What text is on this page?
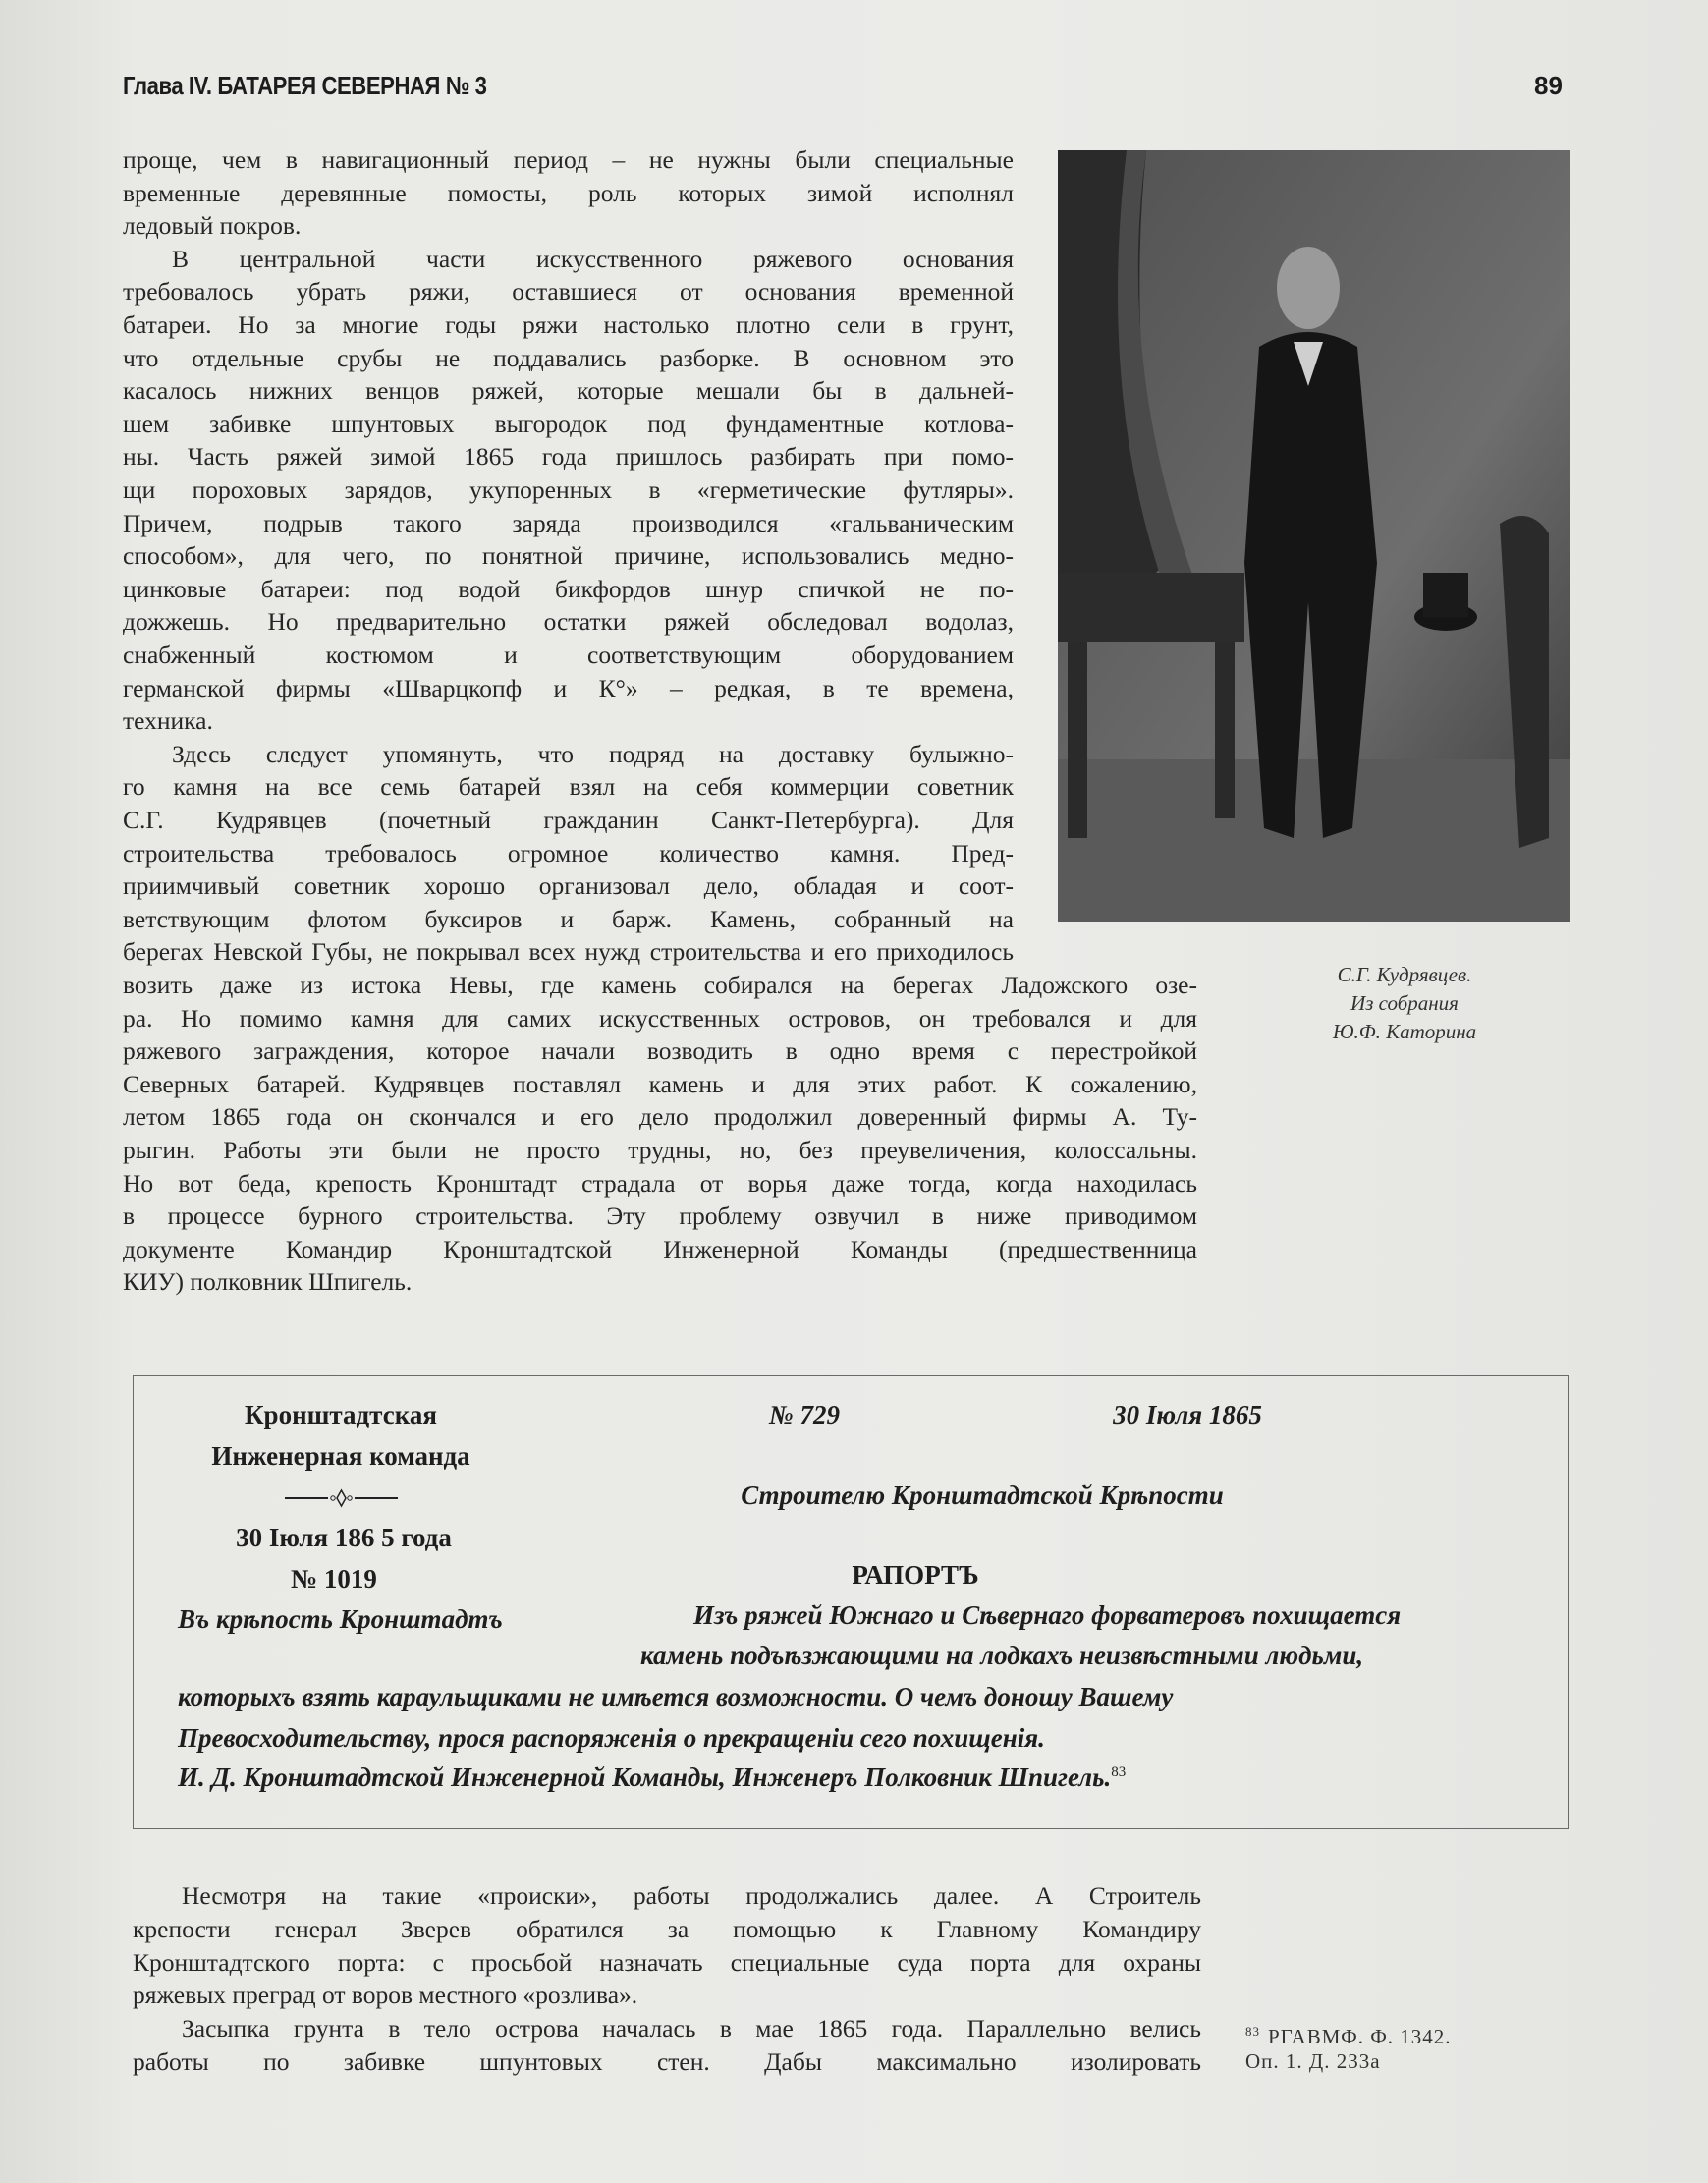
Глава IV. БАТАРЕЯ СЕВЕРНАЯ № 3	89
проще, чем в навигационный период – не нужны были специальные
временные деревянные помосты, роль которых зимой исполнял
ледовый покров.
В центральной части искусственного ряжевого основания
требовалось убрать ряжи, оставшиеся от основания временной
батареи. Но за многие годы ряжи настолько плотно сели в грунт,
что отдельные срубы не поддавались разборке. В основном это
касалось нижних венцов ряжей, которые мешали бы в дальней-
шем забивке шпунтовых выгородок под фундаментные котлова-
ны. Часть ряжей зимой 1865 года пришлось разбирать при помо-
щи пороховых зарядов, укупоренных в «герметические футляры».
Причем, подрыв такого заряда производился «гальваническим
способом», для чего, по понятной причине, использовались медно-
цинковые батареи: под водой бикфордов шнур спичкой не по-
дожжешь. Но предварительно остатки ряжей обследовал водолаз,
снабженный костюмом и соответствующим оборудованием
германской фирмы «Шварцкопф и К°» – редкая, в те времена,
техника.
Здесь следует упомянуть, что подряд на доставку булыжно-
го камня на все семь батарей взял на себя коммерции советник
С.Г. Кудрявцев (почетный гражданин Санкт-Петербурга). Для
строительства требовалось огромное количество камня. Пред-
приимчивый советник хорошо организовал дело, обладая и соот-
ветствующим флотом буксиров и барж. Камень, собранный на
берегах Невской Губы, не покрывал всех нужд строительства и его приходилось
возить даже из истока Невы, где камень собирался на берегах Ладожского озе-
ра. Но помимо камня для самих искусственных островов, он требовался и для
ряжевого заграждения, которое начали возводить в одно время с перестройкой
Северных батарей. Кудрявцев поставлял камень и для этих работ. К сожалению,
летом 1865 года он скончался и его дело продолжил доверенный фирмы А. Ту-
рыгин. Работы эти были не просто трудны, но, без преувеличения, колоссальны.
Но вот беда, крепость Кронштадт страдала от ворья даже тогда, когда находилась
в процессе бурного строительства. Эту проблему озвучил в ниже приводимом
документе Командир Кронштадтской Инженерной Команды (предшественница
КИУ) полковник Шпигель.
С.Г. Кудрявцев.
Из собрания
Ю.Ф. Каторина
Кронштадтская
Инженерная команда
30 Іюля 186 5 года
№ 1019
Въ крѣпость Кронштадтъ
№ 729	30 Іюля 1865
Строителю Кронштадтской Крѣпости
РАПОРТЪ
Изъ ряжей Южнаго и Сѣвернаго форватеровъ похищается
камень подъѣзжающими на лодкахъ неизвѣстными людьми,
которыхъ взять караульщиками не имѣется возможности. О чемъ доношу Вашему
Превосходительству, прося распоряженія о прекращеніи сего похищенія.
И. Д. Кронштадтской Инженерной Команды, Инженеръ Полковник Шпигель.$^{83}$
Несмотря на такие «происки», работы продолжались далее. А Строитель
крепости генерал Зверев обратился за помощью к Главному Командиру
Кронштадтского порта: с просьбой назначать специальные суда порта для охраны
ряжевых преград от воров местного «розлива».
Засыпка грунта в тело острова началась в мае 1865 года. Параллельно велись
работы по забивке шпунтовых стен. Дабы максимально изолировать
$^{83}$ РГАВМФ. Ф. 1342.
Оп. 1. Д. 233а
